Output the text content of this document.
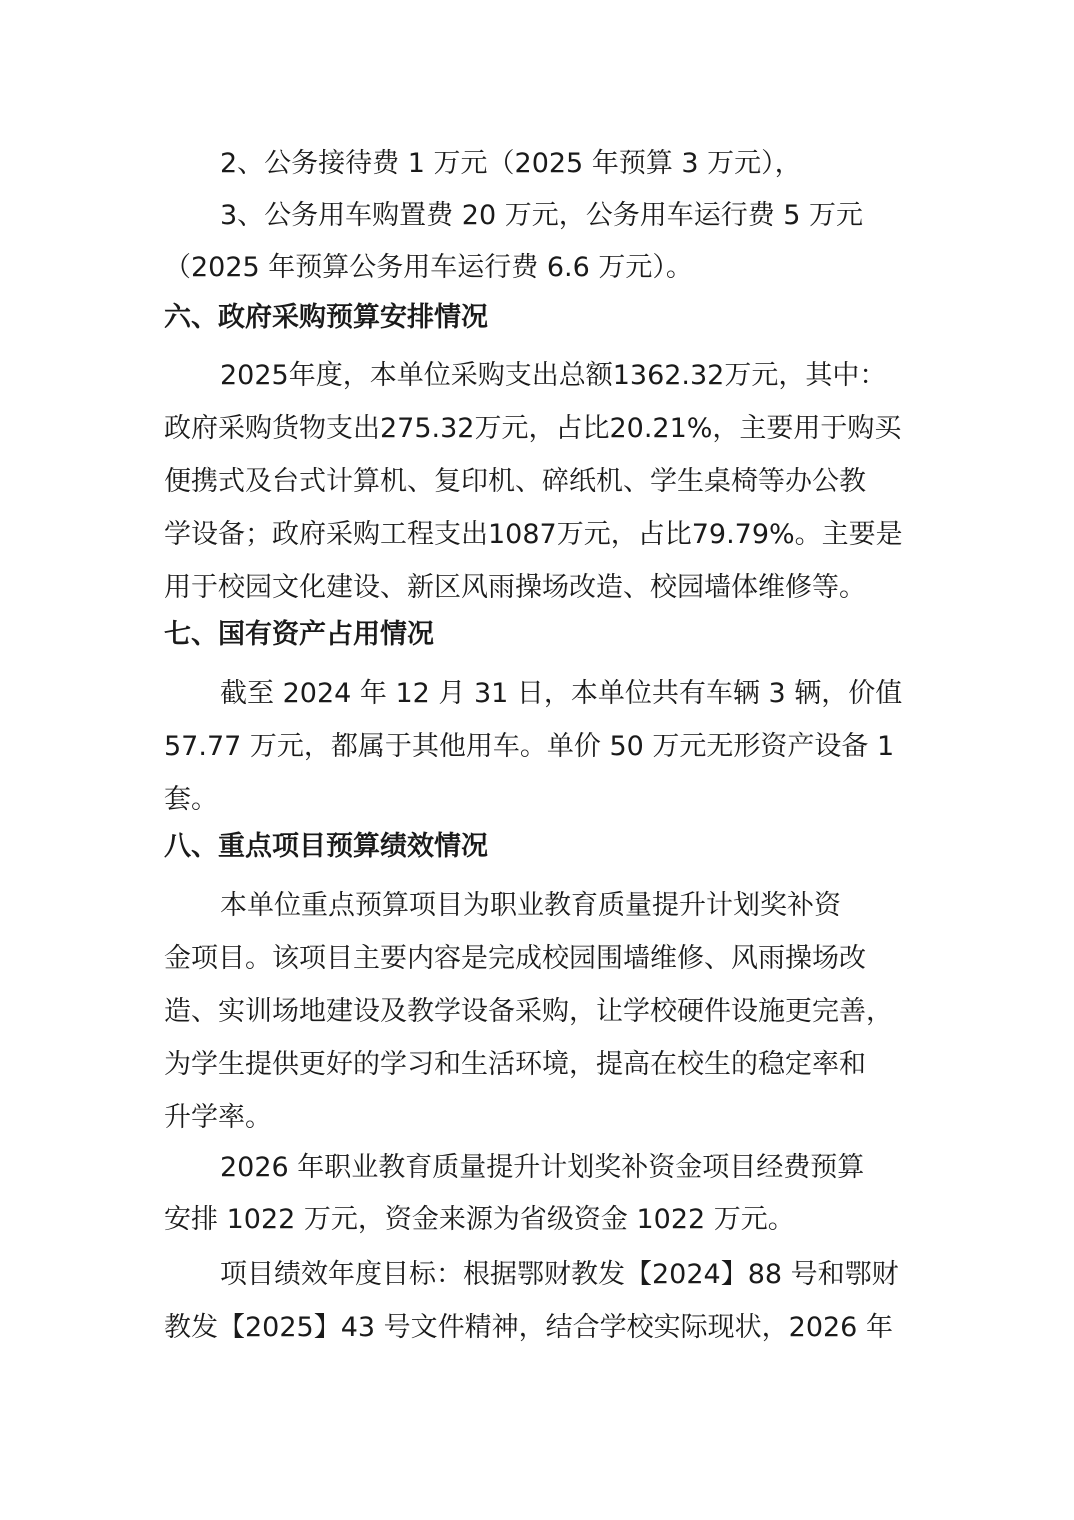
2、公务接待费 1 万元（2025 年预算 3 万元），
3、公务用车购置费 20 万元，公务用车运行费 5 万元
（2025 年预算公务用车运行费 6.6 万元）。
六、政府采购预算安排情况
2025年度，本单位采购支出总额1362.32万元，其中：
政府采购货物支出275.32万元，占比20.21%，主要用于购买
便携式及台式计算机、复印机、碎纸机、学生桌椅等办公教
学设备；政府采购工程支出1087万元，占比79.79%。主要是
用于校园文化建设、新区风雨操场改造、校园墙体维修等。
七、国有资产占用情况
截至 2024 年 12 月 31 日，本单位共有车辆 3 辆，价值
57.77 万元，都属于其他用车。单价 50 万元无形资产设备 1
套。
八、重点项目预算绩效情况
本单位重点预算项目为职业教育质量提升计划奖补资
金项目。该项目主要内容是完成校园围墙维修、风雨操场改
造、实训场地建设及教学设备采购，让学校硬件设施更完善，
为学生提供更好的学习和生活环境，提高在校生的稳定率和
升学率。
2026 年职业教育质量提升计划奖补资金项目经费预算
安排 1022 万元，资金来源为省级资金 1022 万元。
项目绩效年度目标：根据鄂财教发【2024】88 号和鄂财
教发【2025】43 号文件精神，结合学校实际现状，2026 年
